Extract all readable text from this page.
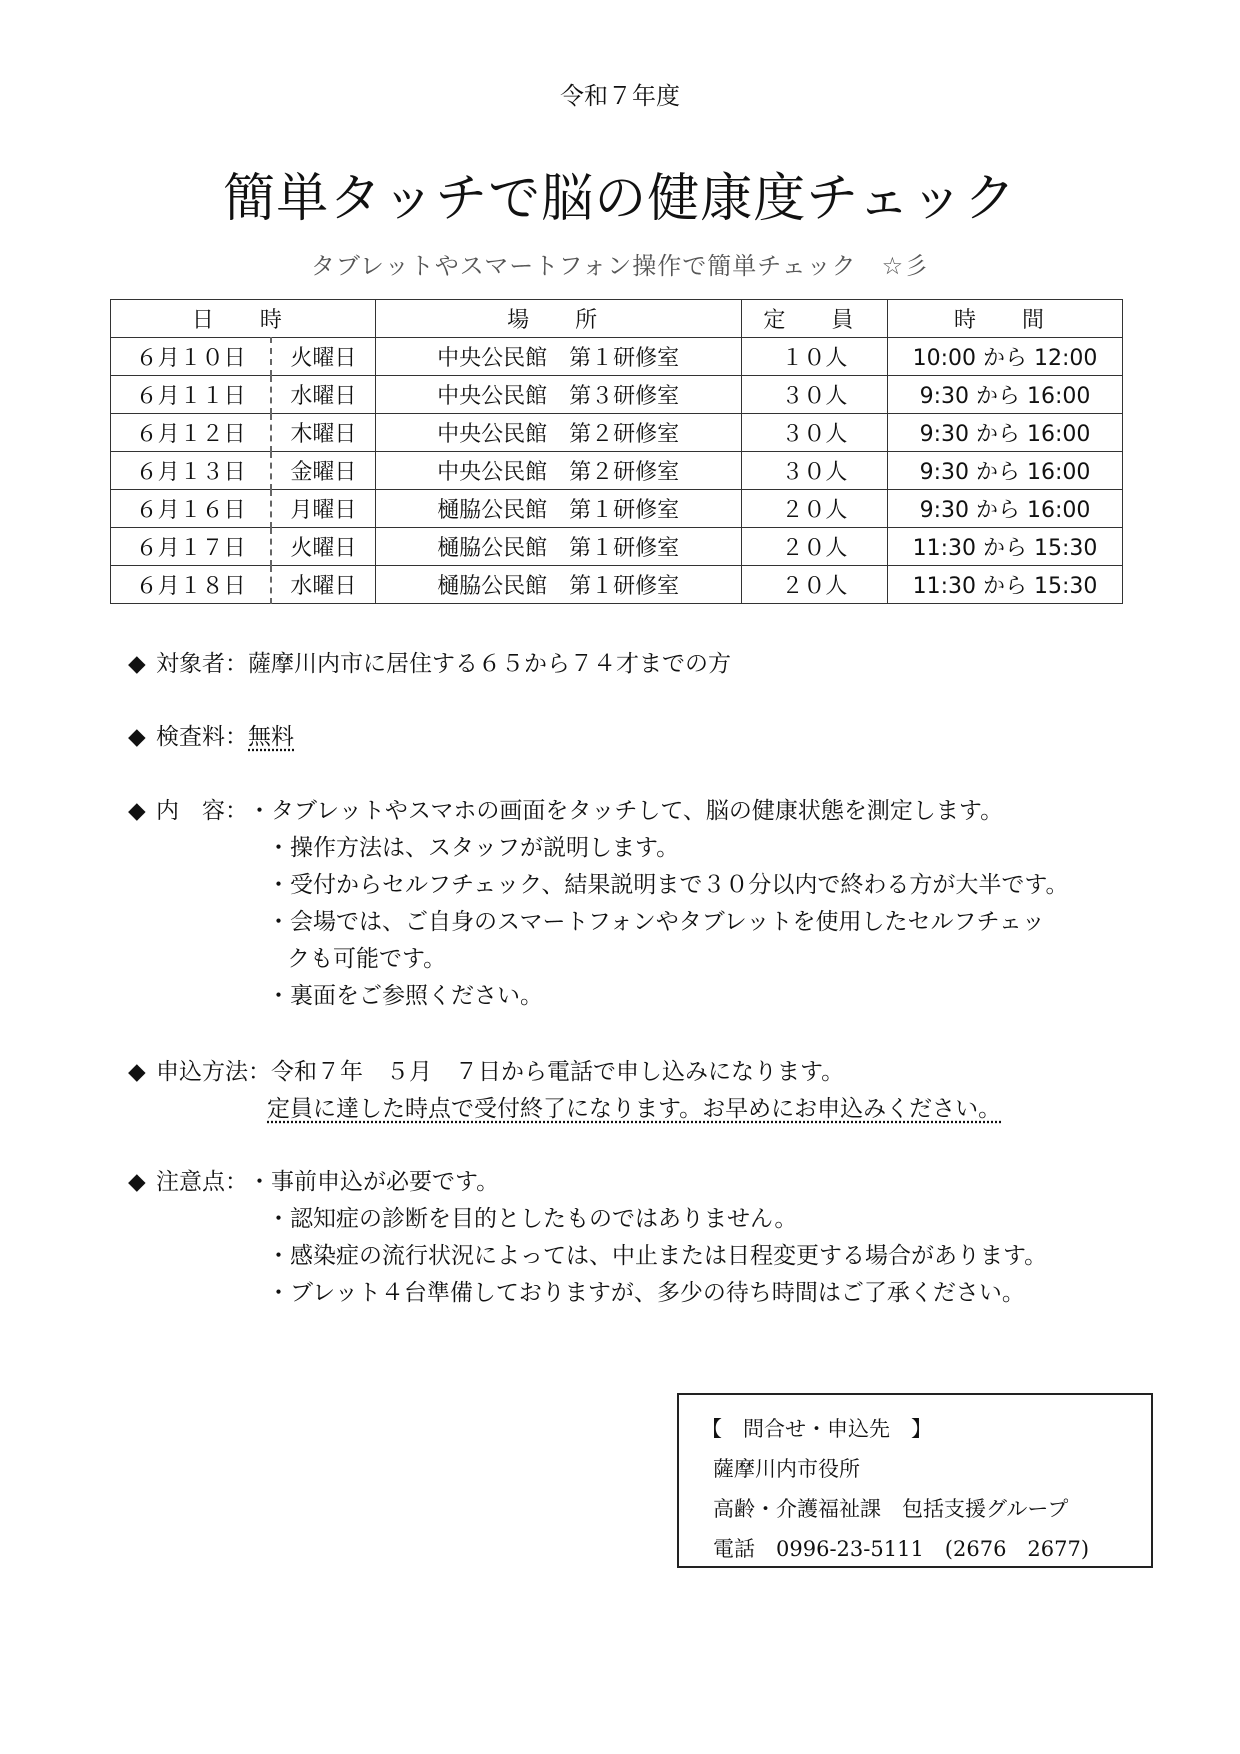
令和７年度
簡単タッチで脳の健康度チェック
タブレットやスマートフォン操作で簡単チェック　☆彡
日　時		場　所	定　員	時　間
６月１０日	火曜日	中央公民館　第１研修室	１０人	10:00 から 12:00
６月１１日	水曜日	中央公民館　第３研修室	３０人	9:30 から 16:00
６月１２日	木曜日	中央公民館　第２研修室	３０人	9:30 から 16:00
６月１３日	金曜日	中央公民館　第２研修室	３０人	9:30 から 16:00
６月１６日	月曜日	樋脇公民館　第１研修室	２０人	9:30 から 16:00
６月１７日	火曜日	樋脇公民館　第１研修室	２０人	11:30 から 15:30
６月１８日	水曜日	樋脇公民館　第１研修室	２０人	11:30 から 15:30
◆ 対象者：薩摩川内市に居住する６５から７４才までの方
◆ 検査料：無料
◆ 内　容： ・タブレットやスマホの画面をタッチして、脳の健康状態を測定します。
・操作方法は、スタッフが説明します。
・受付からセルフチェック、結果説明まで３０分以内で終わる方が大半です。
・会場では、ご自身のスマートフォンやタブレットを使用したセルフチェッ
クも可能です。
・裏面をご参照ください。
◆ 申込方法： 令和７年　５月　７日から電話で申し込みになります。
定員に達した時点で受付終了になります。お早めにお申込みください。
◆ 注意点： ・事前申込が必要です。
・認知症の診断を目的としたものではありません。
・感染症の流行状況によっては、中止または日程変更する場合があります。
・ブレット４台準備しておりますが、多少の待ち時間はご了承ください。
【　問合せ・申込先　】
薩摩川内市役所
高齢・介護福祉課　包括支援グループ
電話　0996-23-5111　(2676　2677)
